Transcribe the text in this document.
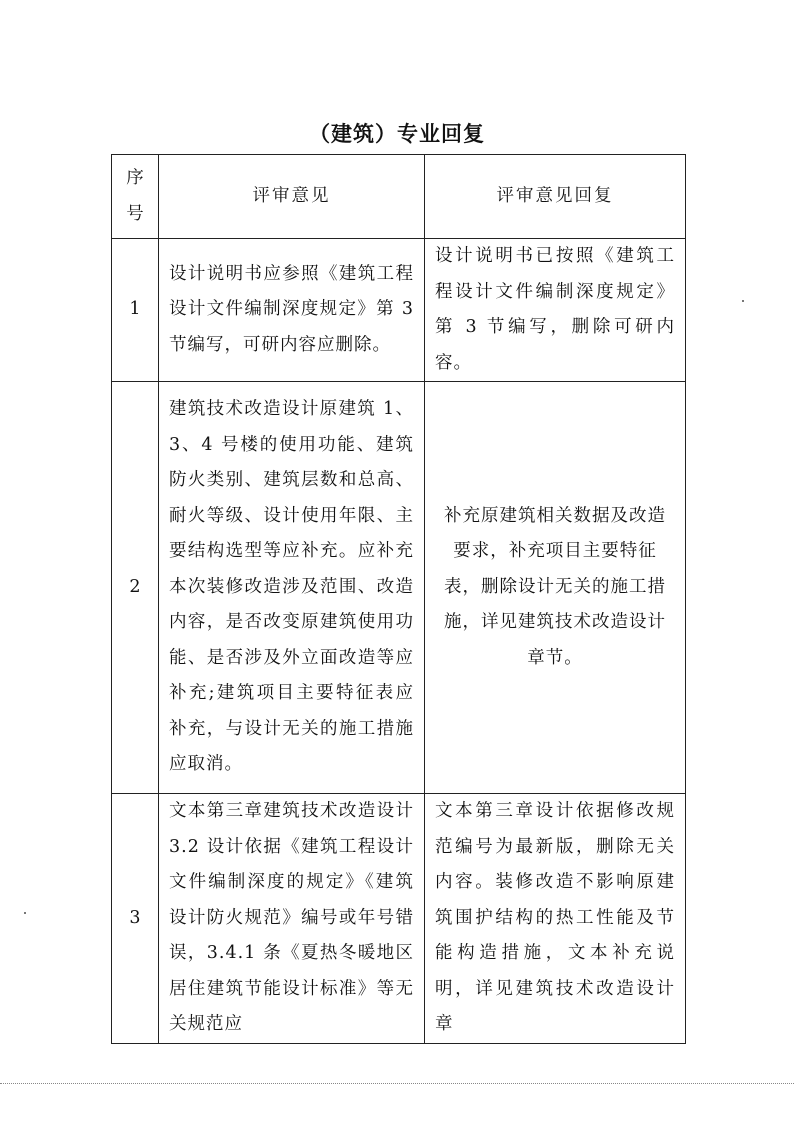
（建筑）专业回复
序号	评审意见	评审意见回复
1	设计说明书应参照《建筑工程设计文件编制深度规定》第 3 节编写，可研内容应删除。	设计说明书已按照《建筑工程设计文件编制深度规定》第 3 节编写，删除可研内容。
2	建筑技术改造设计原建筑 1、3、4 号楼的使用功能、建筑防火类别、建筑层数和总高、耐火等级、设计使用年限、主要结构选型等应补充。应补充本次装修改造涉及范围、改造内容，是否改变原建筑使用功能、是否涉及外立面改造等应补充;建筑项目主要特征表应补充，与设计无关的施工措施应取消。	补充原建筑相关数据及改造要求，补充项目主要特征表，删除设计无关的施工措施，详见建筑技术改造设计章节。
3	文本第三章建筑技术改造设计 3.2 设计依据《建筑工程设计文件编制深度的规定》《建筑设计防火规范》编号或年号错误，3.4.1 条《夏热冬暖地区居住建筑节能设计标准》等无关规范应	文本第三章设计依据修改规范编号为最新版，删除无关内容。装修改造不影响原建筑围护结构的热工性能及节能构造措施，文本补充说明，详见建筑技术改造设计章
